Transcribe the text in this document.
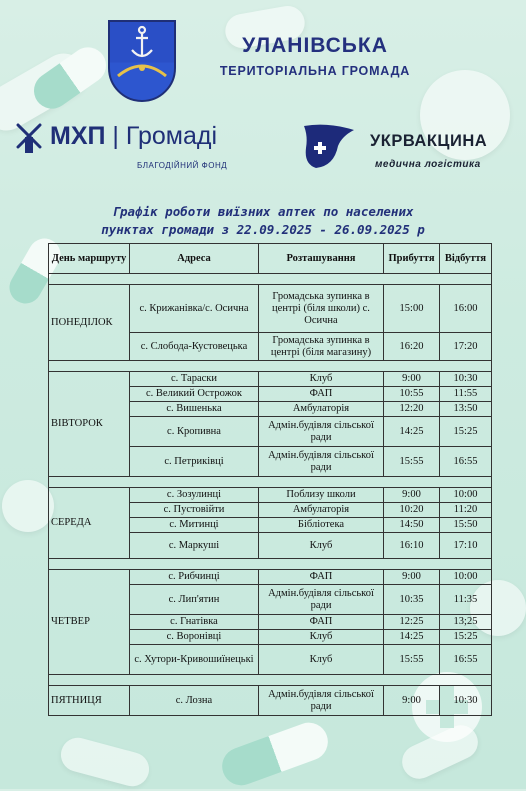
УЛАНІВСЬКА
ТЕРИТОРІАЛЬНА ГРОМАДА
МХП | Громаді
БЛАГОДІЙНИЙ ФОНД
УКРВАКЦИНА
медична логістика
Графік роботи виїзних аптек по населених
пунктах громади з 22.09.2025 - 26.09.2025 р
День маршруту	Адреса	Розташування	Прибуття	Відбуття

ПОНЕДІЛОК	с. Крижанівка/с. Осична	Громадська зупинка в центрі (біля школи) с. Осична	15:00	16:00
	с. Слобода-Кустовецька	Громадська зупинка в центрі (біля магазину)	16:20	17:20

ВІВТОРОК	с. Тараски	Клуб	9:00	10:30
	с. Великий Острожок	ФАП	10:55	11:55
	с. Вишенька	Амбулаторія	12:20	13:50
	с. Кропивна	Адмін.будівля сільської ради	14:25	15:25
	с. Петриківці	Адмін.будівля сільської ради	15:55	16:55

СЕРЕДА	с. Зозулинці	Поблизу школи	9:00	10:00
	с. Пустовійти	Амбулаторія	10:20	11:20
	с. Митинці	Бібліотека	14:50	15:50
	с. Маркуші	Клуб	16:10	17:10

ЧЕТВЕР	с. Рибчинці	ФАП	9:00	10:00
	с. Лип'ятин	Адмін.будівля сільської ради	10:35	11:35
	с. Гнатівка	ФАП	12:25	13;25
	с. Воронівці	Клуб	14:25	15:25
	с. Хутори-Кривошиїнецькі	Клуб	15:55	16:55

ПЯТНИЦЯ	с. Лозна	Адмін.будівля сільської ради	9:00	10:30
